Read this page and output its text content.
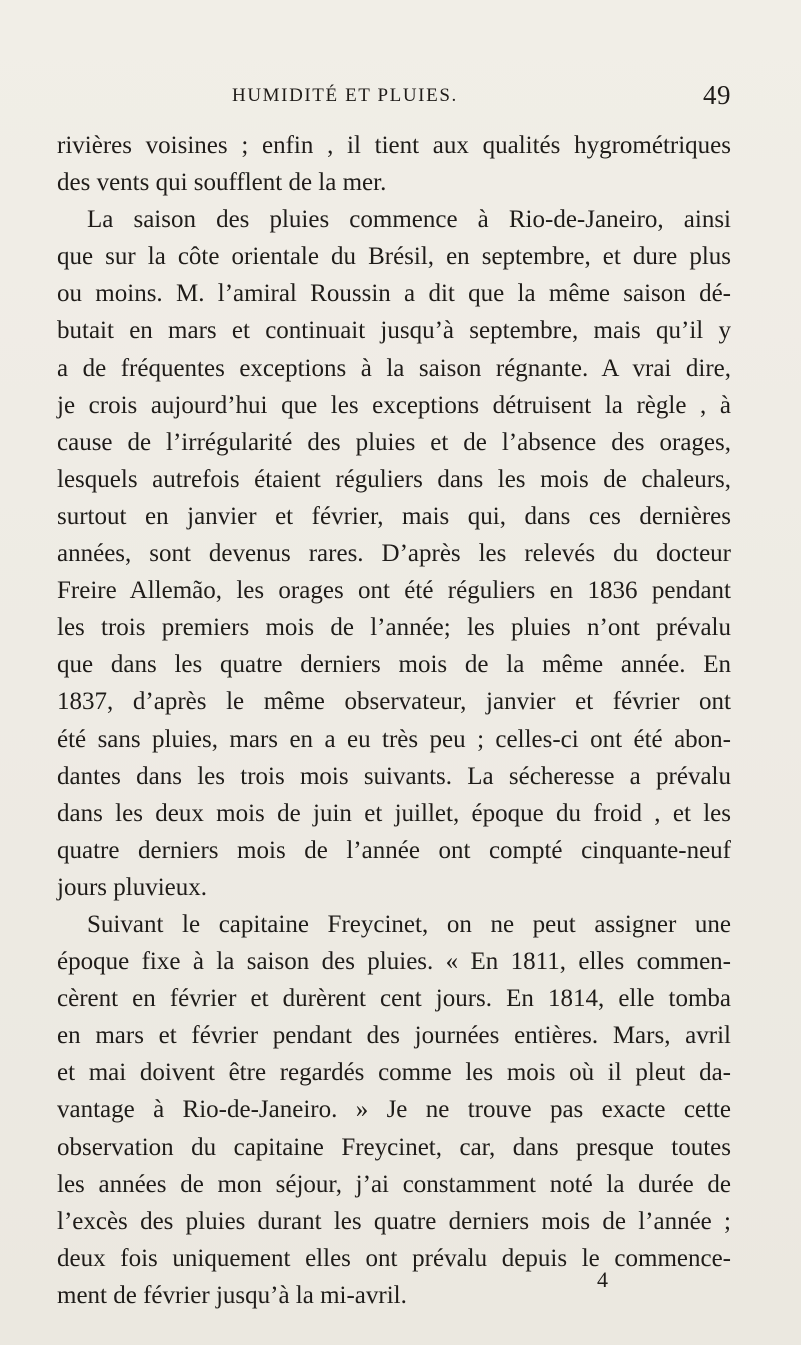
HUMIDITÉ ET PLUIES.	49
rivières voisines ; enfin , il tient aux qualités hygrométriques
des vents qui soufflent de la mer.
La saison des pluies commence à Rio-de-Janeiro, ainsi
que sur la côte orientale du Brésil, en septembre, et dure plus
ou moins. M. l’amiral Roussin a dit que la même saison dé-
butait en mars et continuait jusqu’à septembre, mais qu’il y
a de fréquentes exceptions à la saison régnante. A vrai dire,
je crois aujourd’hui que les exceptions détruisent la règle , à
cause de l’irrégularité des pluies et de l’absence des orages,
lesquels autrefois étaient réguliers dans les mois de chaleurs,
surtout en janvier et février, mais qui, dans ces dernières
années, sont devenus rares. D’après les relevés du docteur
Freire Allemão, les orages ont été réguliers en 1836 pendant
les trois premiers mois de l’année; les pluies n’ont prévalu
que dans les quatre derniers mois de la même année. En
1837, d’après le même observateur, janvier et février ont
été sans pluies, mars en a eu très peu ; celles-ci ont été abon-
dantes dans les trois mois suivants. La sécheresse a prévalu
dans les deux mois de juin et juillet, époque du froid , et les
quatre derniers mois de l’année ont compté cinquante-neuf
jours pluvieux.
Suivant le capitaine Freycinet, on ne peut assigner une
époque fixe à la saison des pluies. « En 1811, elles commen-
cèrent en février et durèrent cent jours. En 1814, elle tomba
en mars et février pendant des journées entières. Mars, avril
et mai doivent être regardés comme les mois où il pleut da-
vantage à Rio-de-Janeiro. » Je ne trouve pas exacte cette
observation du capitaine Freycinet, car, dans presque toutes
les années de mon séjour, j’ai constamment noté la durée de
l’excès des pluies durant les quatre derniers mois de l’année ;
deux fois uniquement elles ont prévalu depuis le commence-
ment de février jusqu’à la mi-avril.
4
